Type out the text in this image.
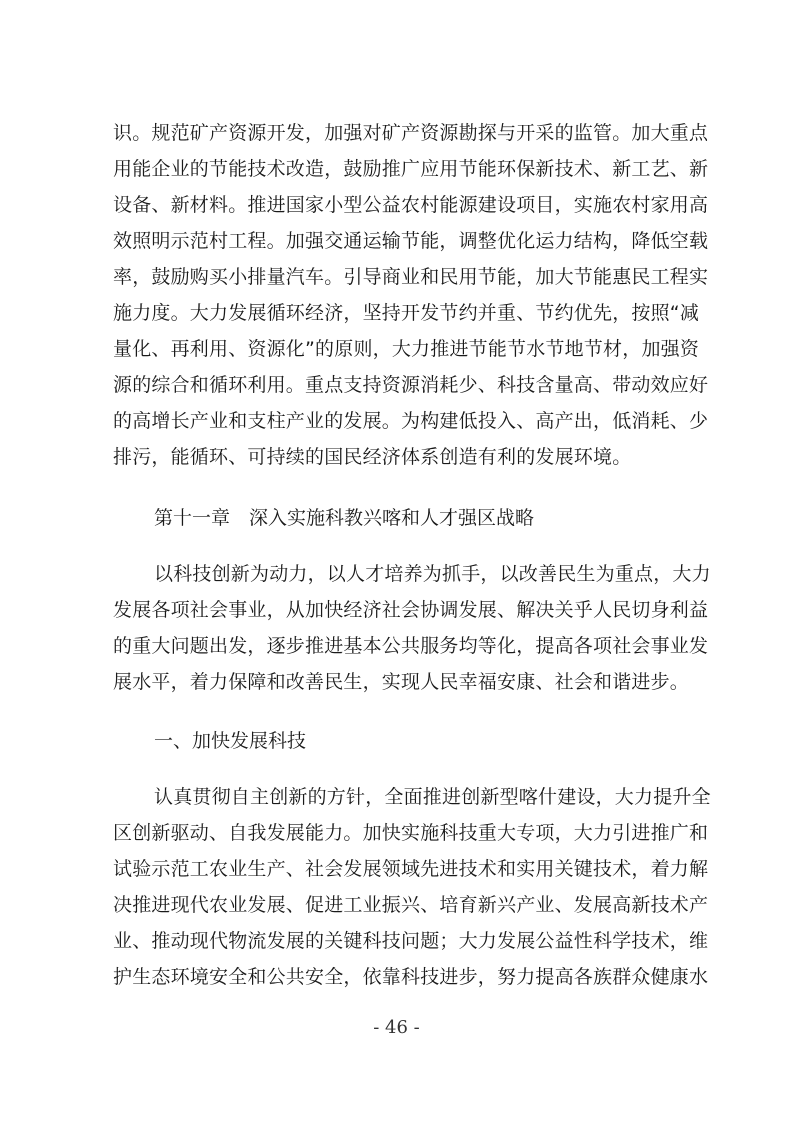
识。规范矿产资源开发，加强对矿产资源勘探与开采的监管。加大重点
用能企业的节能技术改造，鼓励推广应用节能环保新技术、新工艺、新
设备、新材料。推进国家小型公益农村能源建设项目，实施农村家用高
效照明示范村工程。加强交通运输节能，调整优化运力结构，降低空载
率，鼓励购买小排量汽车。引导商业和民用节能，加大节能惠民工程实
施力度。大力发展循环经济，坚持开发节约并重、节约优先，按照“减
量化、再利用、资源化”的原则，大力推进节能节水节地节材，加强资
源的综合和循环利用。重点支持资源消耗少、科技含量高、带动效应好
的高增长产业和支柱产业的发展。为构建低投入、高产出，低消耗、少
排污，能循环、可持续的国民经济体系创造有利的发展环境。
第十一章　深入实施科教兴喀和人才强区战略
以科技创新为动力，以人才培养为抓手，以改善民生为重点，大力
发展各项社会事业，从加快经济社会协调发展、解决关乎人民切身利益
的重大问题出发，逐步推进基本公共服务均等化，提高各项社会事业发
展水平，着力保障和改善民生，实现人民幸福安康、社会和谐进步。
一、加快发展科技
认真贯彻自主创新的方针，全面推进创新型喀什建设，大力提升全
区创新驱动、自我发展能力。加快实施科技重大专项，大力引进推广和
试验示范工农业生产、社会发展领域先进技术和实用关键技术，着力解
决推进现代农业发展、促进工业振兴、培育新兴产业、发展高新技术产
业、推动现代物流发展的关键科技问题；大力发展公益性科学技术，维
护生态环境安全和公共安全，依靠科技进步，努力提高各族群众健康水
- 46 -
